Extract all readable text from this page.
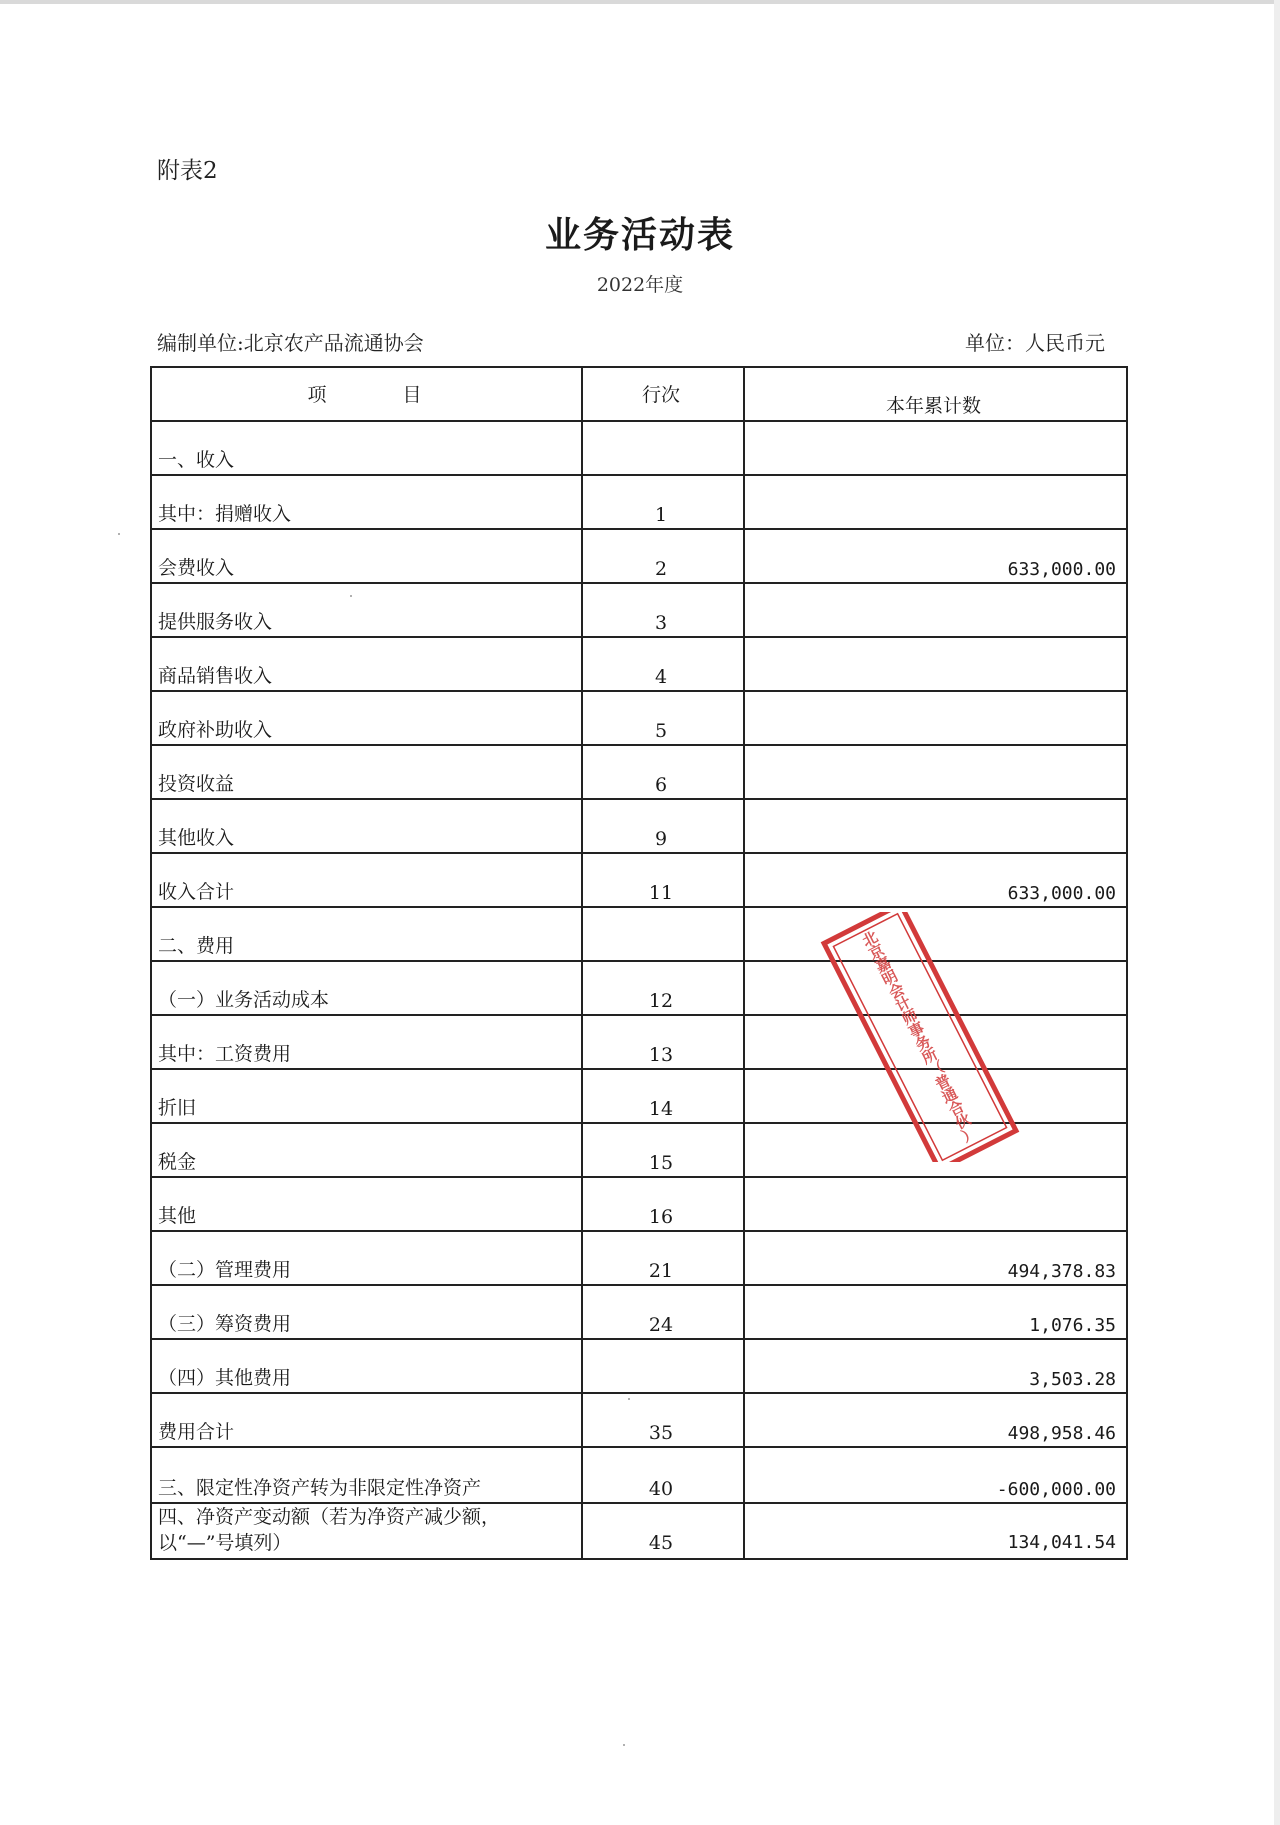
附表2
业务活动表
2022年度
编制单位:北京农产品流通协会	单位：人民币元
项　　　　目	行次	本年累计数
一、收入		
其中：捐赠收入	1	
会费收入	2	633,000.00
提供服务收入	3	
商品销售收入	4	
政府补助收入	5	
投资收益	6	
其他收入	9	
收入合计	11	633,000.00
二、费用		
（一）业务活动成本	12	
其中：工资费用	13	
折旧	14	
税金	15	
其他	16	
（二）管理费用	21	494,378.83
（三）筹资费用	24	1,076.35
（四）其他费用		3,503.28
费用合计	35	498,958.46
三、限定性净资产转为非限定性净资产	40	-600,000.00
四、净资产变动额（若为净资产减少额，以“—”号填列）	45	134,041.54
北
京
嘉
明
会
计
师
事
务
所
（
普
通
合
伙
）
